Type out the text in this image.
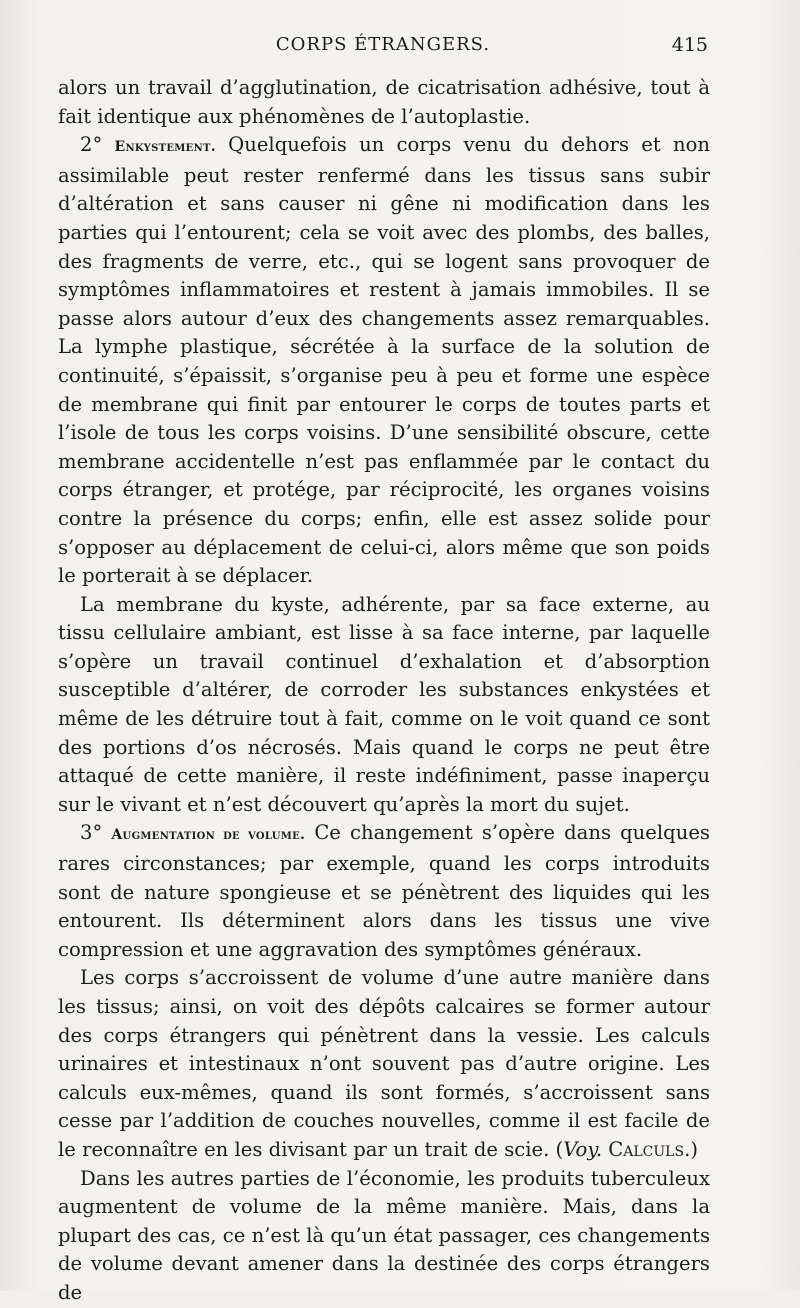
CORPS ÉTRANGERS.	415

alors un travail d’agglutination, de cicatrisation adhésive, tout à fait identique aux phénomènes de l’autoplastie.

2° Enkystement. Quelquefois un corps venu du dehors et non assimilable peut rester renfermé dans les tissus sans subir d’altération et sans causer ni gêne ni modification dans les parties qui l’entourent; cela se voit avec des plombs, des balles, des fragments de verre, etc., qui se logent sans provoquer de symptômes inflammatoires et restent à jamais immobiles. Il se passe alors autour d’eux des changements assez remarquables. La lymphe plastique, sécrétée à la surface de la solution de continuité, s’épaissit, s’organise peu à peu et forme une espèce de membrane qui finit par entourer le corps de toutes parts et l’isole de tous les corps voisins. D’une sensibilité obscure, cette membrane accidentelle n’est pas enflammée par le contact du corps étranger, et protége, par réciprocité, les organes voisins contre la présence du corps; enfin, elle est assez solide pour s’opposer au déplacement de celui-ci, alors même que son poids le porterait à se déplacer.

La membrane du kyste, adhérente, par sa face externe, au tissu cellulaire ambiant, est lisse à sa face interne, par laquelle s’opère un travail continuel d’exhalation et d’absorption susceptible d’altérer, de corroder les substances enkystées et même de les détruire tout à fait, comme on le voit quand ce sont des portions d’os nécrosés. Mais quand le corps ne peut être attaqué de cette manière, il reste indéfiniment, passe inaperçu sur le vivant et n’est découvert qu’après la mort du sujet.

3° Augmentation de volume. Ce changement s’opère dans quelques rares circonstances; par exemple, quand les corps introduits sont de nature spongieuse et se pénètrent des liquides qui les entourent. Ils déterminent alors dans les tissus une vive compression et une aggravation des symptômes généraux.

Les corps s’accroissent de volume d’une autre manière dans les tissus; ainsi, on voit des dépôts calcaires se former autour des corps étrangers qui pénètrent dans la vessie. Les calculs urinaires et intestinaux n’ont souvent pas d’autre origine. Les calculs eux-mêmes, quand ils sont formés, s’accroissent sans cesse par l’addition de couches nouvelles, comme il est facile de le reconnaître en les divisant par un trait de scie. (Voy. Calculs.)

Dans les autres parties de l’économie, les produits tuberculeux augmentent de volume de la même manière. Mais, dans la plupart des cas, ce n’est là qu’un état passager, ces changements de volume devant amener dans la destinée des corps étrangers de
